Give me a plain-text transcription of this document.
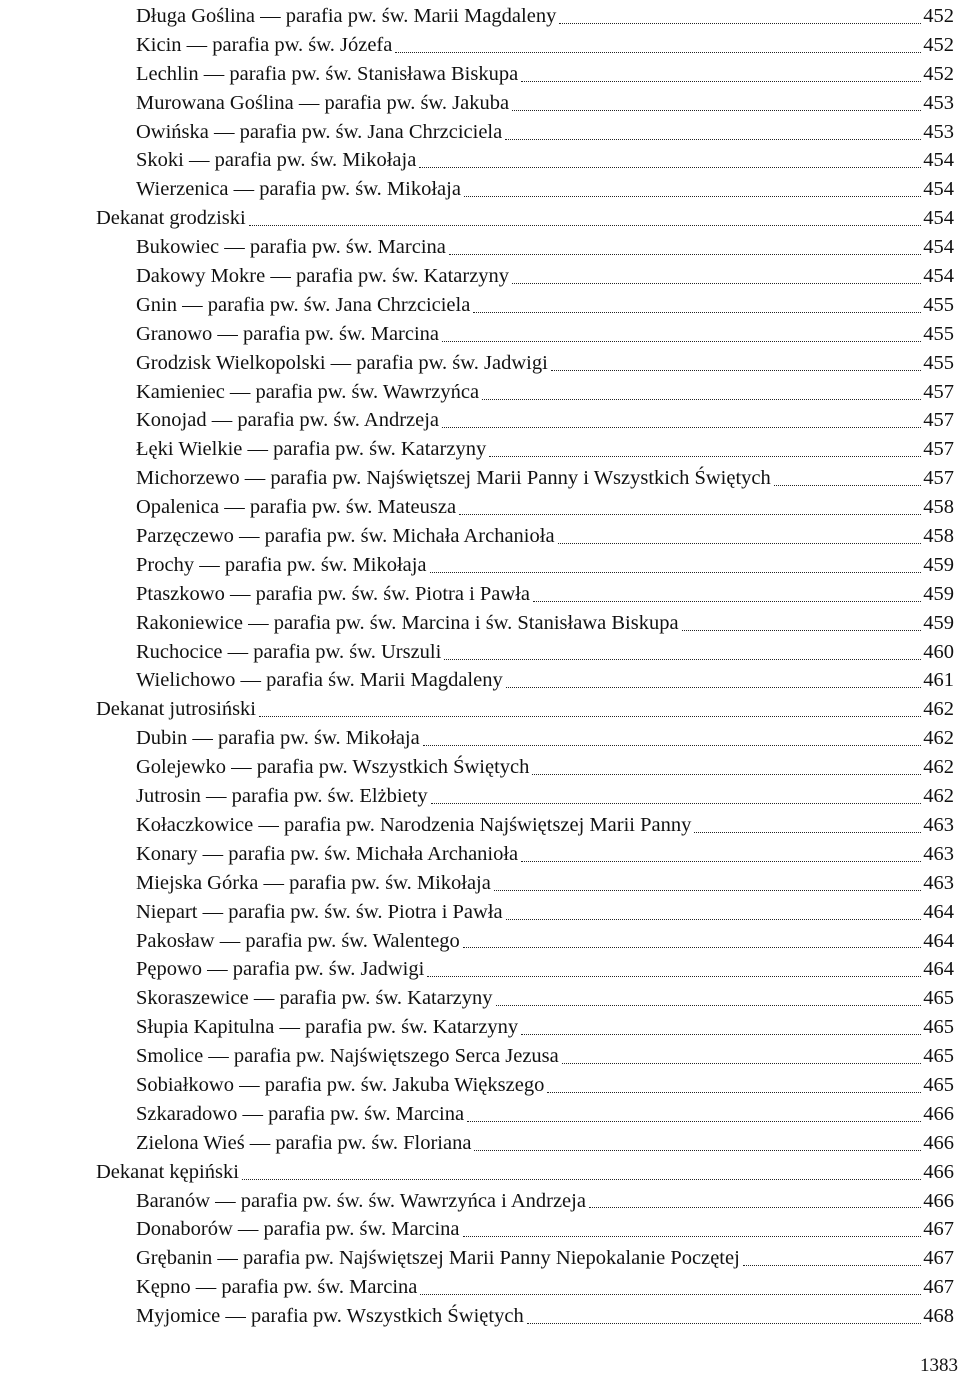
Długa Goślina — parafia pw. św. Marii Magdaleny	452
Kicin — parafia pw. św. Józefa	452
Lechlin — parafia pw. św. Stanisława Biskupa	452
Murowana Goślina — parafia pw. św. Jakuba	453
Owińska — parafia pw. św. Jana Chrzciciela	453
Skoki — parafia pw. św. Mikołaja	454
Wierzenica — parafia pw. św. Mikołaja	454
Dekanat grodziski	454
Bukowiec — parafia pw. św. Marcina	454
Dakowy Mokre — parafia pw. św. Katarzyny	454
Gnin — parafia pw. św. Jana Chrzciciela	455
Granowo — parafia pw. św. Marcina	455
Grodzisk Wielkopolski — parafia pw. św. Jadwigi	455
Kamieniec — parafia pw. św. Wawrzyńca	457
Konojad — parafia pw. św. Andrzeja	457
Łęki Wielkie — parafia pw. św. Katarzyny	457
Michorzewo — parafia pw. Najświętszej Marii Panny i Wszystkich Świętych	457
Opalenica — parafia pw. św. Mateusza	458
Parzęczewo — parafia pw. św. Michała Archanioła	458
Prochy — parafia pw. św. Mikołaja	459
Ptaszkowo — parafia pw. św. św. Piotra i Pawła	459
Rakoniewice — parafia pw. św. Marcina i św. Stanisława Biskupa	459
Ruchocice — parafia pw. św. Urszuli	460
Wielichowo — parafia św. Marii Magdaleny	461
Dekanat jutrosiński	462
Dubin — parafia pw. św. Mikołaja	462
Golejewko — parafia pw. Wszystkich Świętych	462
Jutrosin — parafia pw. św. Elżbiety	462
Kołaczkowice — parafia pw. Narodzenia Najświętszej Marii Panny	463
Konary — parafia pw. św. Michała Archanioła	463
Miejska Górka — parafia pw. św. Mikołaja	463
Niepart — parafia pw. św. św. Piotra i Pawła	464
Pakosław — parafia pw. św. Walentego	464
Pępowo — parafia pw. św. Jadwigi	464
Skoraszewice — parafia pw. św. Katarzyny	465
Słupia Kapitulna — parafia pw. św. Katarzyny	465
Smolice — parafia pw. Najświętszego Serca Jezusa	465
Sobiałkowo — parafia pw. św. Jakuba Większego	465
Szkaradowo — parafia pw. św. Marcina	466
Zielona Wieś — parafia pw. św. Floriana	466
Dekanat kępiński	466
Baranów — parafia pw. św. św. Wawrzyńca i Andrzeja	466
Donaborów — parafia pw. św. Marcina	467
Grębanin — parafia pw. Najświętszej Marii Panny Niepokalanie Poczętej	467
Kępno — parafia pw. św. Marcina	467
Myjomice — parafia pw. Wszystkich Świętych	468
1383
